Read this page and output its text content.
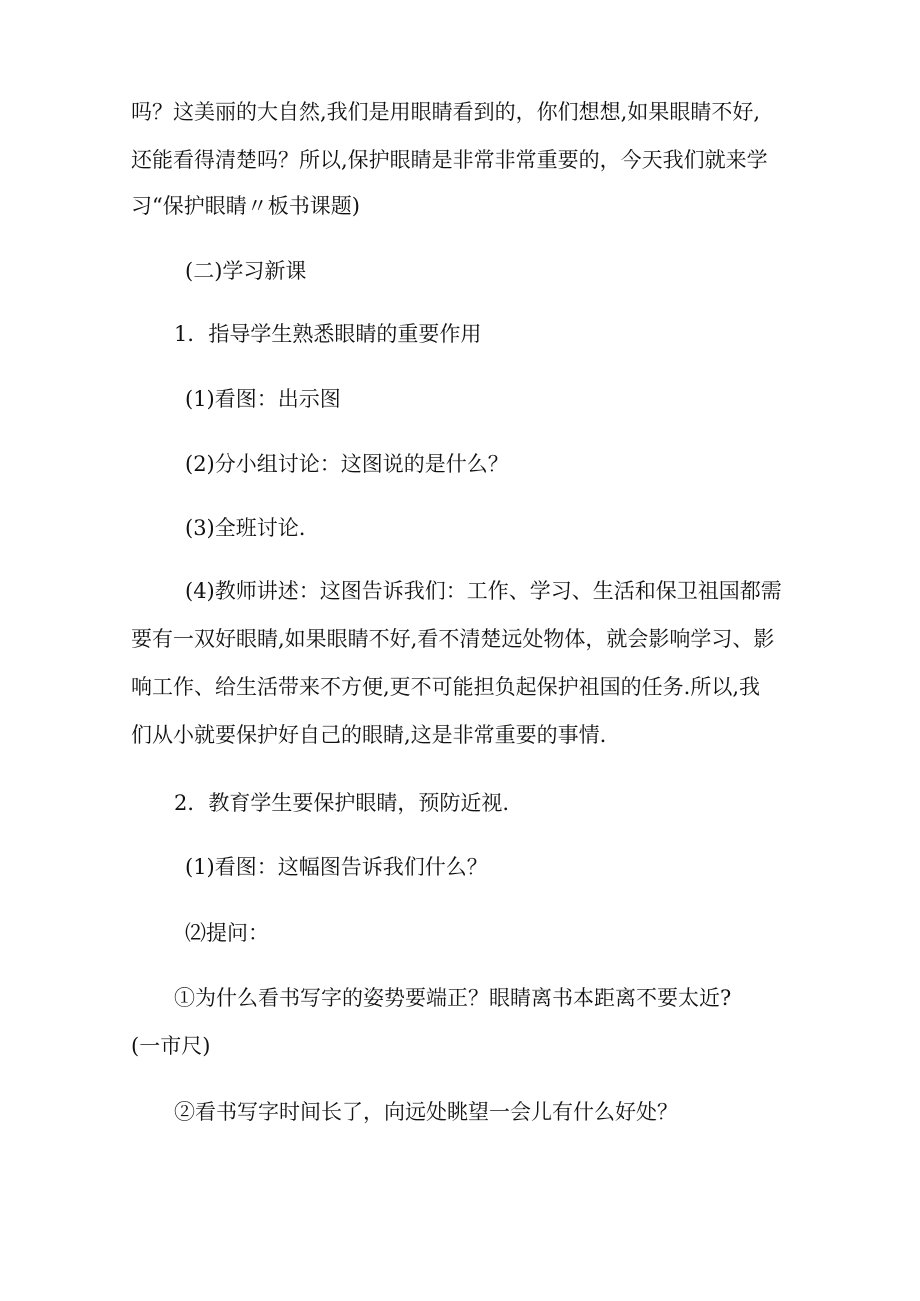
吗？这美丽的大自然,我们是用眼睛看到的，你们想想,如果眼睛不好,
还能看得清楚吗？所以,保护眼睛是非常非常重要的，今天我们就来学
习“保护眼睛〃板书课题)
(二)学习新课
1．指导学生熟悉眼睛的重要作用
(1)看图：出示图
(2)分小组讨论：这图说的是什么？
(3)全班讨论.
(4)教师讲述：这图告诉我们：工作、学习、生活和保卫祖国都需
要有一双好眼睛,如果眼睛不好,看不清楚远处物体，就会影响学习、影
响工作、给生活带来不方便,更不可能担负起保护祖国的任务.所以,我
们从小就要保护好自己的眼睛,这是非常重要的事情.
2．教育学生要保护眼睛，预防近视.
(1)看图：这幅图告诉我们什么？
⑵提问：
①为什么看书写字的姿势要端正？眼睛离书本距离不要太近?
(一市尺)
②看书写字时间长了，向远处眺望一会儿有什么好处？
